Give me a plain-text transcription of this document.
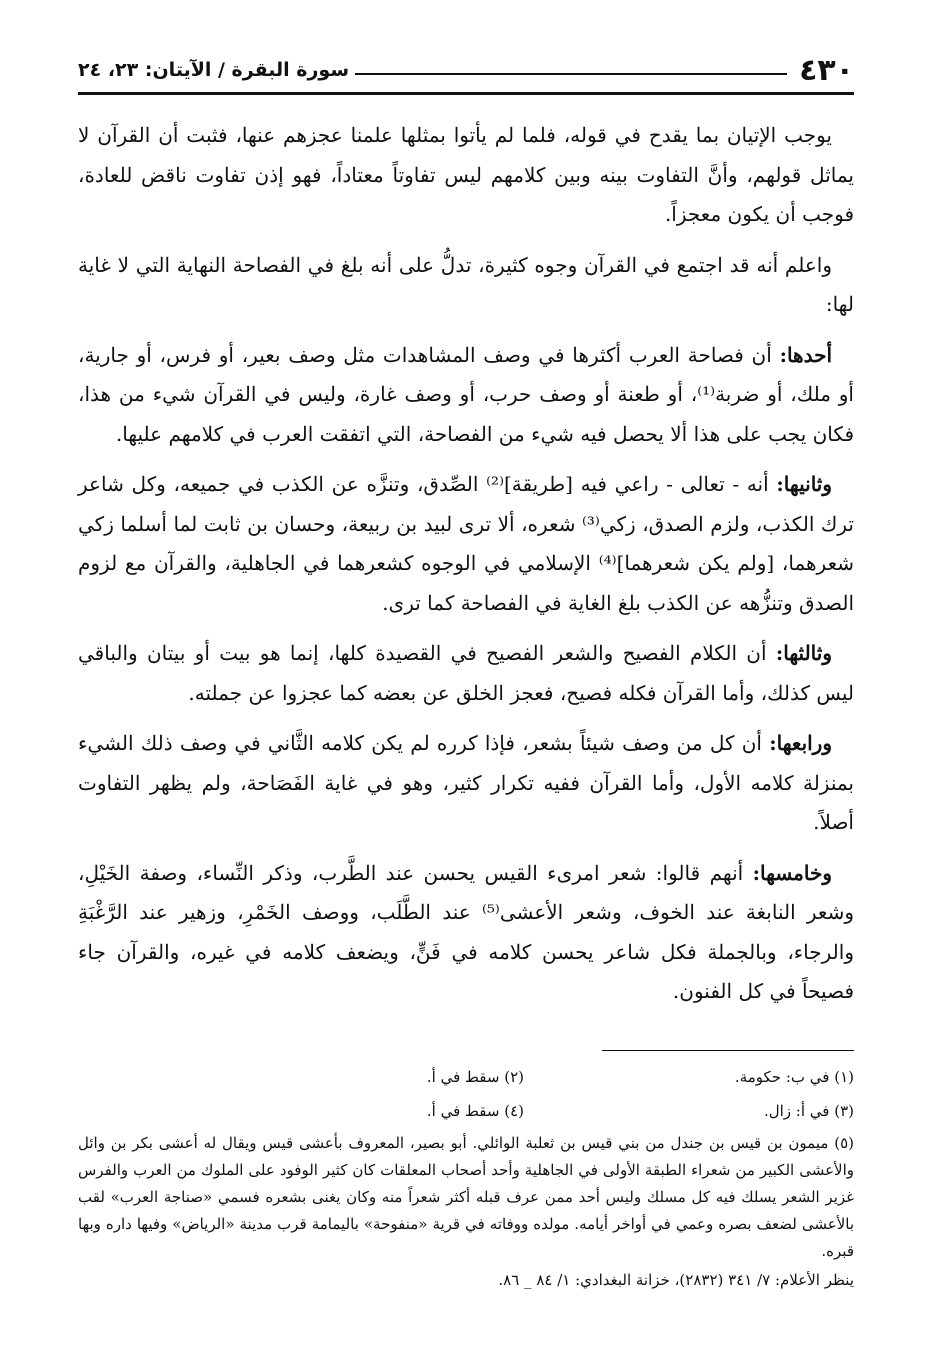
٤٣٠
سورة البقرة / الآيتان: ٢٣، ٢٤

يوجب الإتيان بما يقدح في قوله، فلما لم يأتوا بمثلها علمنا عجزهم عنها، فثبت أن القرآن لا يماثل قولهم، وأنَّ التفاوت بينه وبين كلامهم ليس تفاوتاً معتاداً، فهو إذن تفاوت ناقض للعادة، فوجب أن يكون معجزاً.

واعلم أنه قد اجتمع في القرآن وجوه كثيرة، تدلُّ على أنه بلغ في الفصاحة النهاية التي لا غاية لها:

أحدها: أن فصاحة العرب أكثرها في وصف المشاهدات مثل وصف بعير، أو فرس، أو جارية، أو ملك، أو ضربة⁽¹⁾، أو طعنة أو وصف حرب، أو وصف غارة، وليس في القرآن شيء من هذا، فكان يجب على هذا ألا يحصل فيه شيء من الفصاحة، التي اتفقت العرب في كلامهم عليها.

وثانيها: أنه - تعالى - راعي فيه [طريقة]⁽²⁾ الصِّدق، وتنزَّه عن الكذب في جميعه، وكل شاعر ترك الكذب، ولزم الصدق، زكي⁽³⁾ شعره، ألا ترى لبيد بن ربيعة، وحسان بن ثابت لما أسلما زكي شعرهما، [ولم يكن شعرهما]⁽⁴⁾ الإسلامي في الوجوه كشعرهما في الجاهلية، والقرآن مع لزوم الصدق وتنزُّهه عن الكذب بلغ الغاية في الفصاحة كما ترى.

وثالثها: أن الكلام الفصيح والشعر الفصيح في القصيدة كلها، إنما هو بيت أو بيتان والباقي ليس كذلك، وأما القرآن فكله فصيح، فعجز الخلق عن بعضه كما عجزوا عن جملته.

ورابعها: أن كل من وصف شيئاً بشعر، فإذا كرره لم يكن كلامه الثَّاني في وصف ذلك الشيء بمنزلة كلامه الأول، وأما القرآن ففيه تكرار كثير، وهو في غاية الفَصَاحة، ولم يظهر التفاوت أصلاً.

وخامسها: أنهم قالوا: شعر امرىء القيس يحسن عند الطَّرب، وذكر النِّساء، وصفة الخَيْلِ، وشعر النابغة عند الخوف، وشعر الأعشى⁽⁵⁾ عند الطَّلَب، ووصف الخَمْرِ، وزهير عند الرَّغْبَةِ والرجاء، وبالجملة فكل شاعر يحسن كلامه في فَنٍّ، ويضعف كلامه في غيره، والقرآن جاء فصيحاً في كل الفنون.

(١) في ب: حكومة.
(٢) سقط في أ.
(٣) في أ: زال.
(٤) سقط في أ.
(٥) ميمون بن قيس بن جندل من بني قيس بن ثعلبة الوائلي. أبو بصير، المعروف بأعشى قيس ويقال له أعشى بكر بن وائل والأعشى الكبير من شعراء الطبقة الأولى في الجاهلية وأحد أصحاب المعلقات كان كثير الوفود على الملوك من العرب والفرس غزير الشعر يسلك فيه كل مسلك وليس أحد ممن عرف قبله أكثر شعراً منه وكان يغنى بشعره فسمي «صناجة العرب» لقب بالأعشى لضعف بصره وعمي في أواخر أيامه. مولده ووفاته في قرية «منفوحة» باليمامة قرب مدينة «الرياض» وفيها داره وبها قبره.
ينظر الأعلام: ٧/ ٣٤١ (٢٨٣٢)، خزانة البغدادي: ١/ ٨٤ _ ٨٦.
